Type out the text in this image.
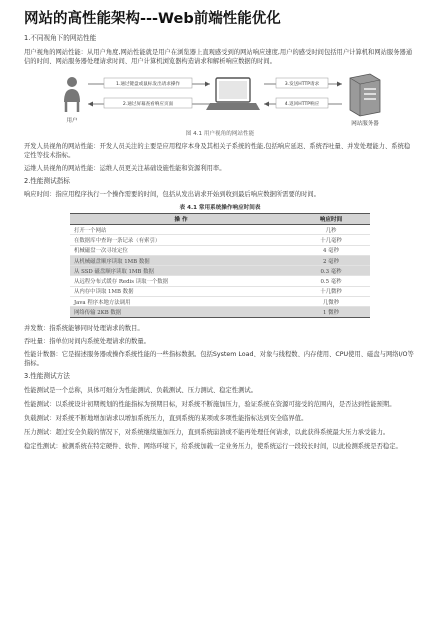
网站的高性能架构---Web前端性能优化

1.不同视角下的网站性能

用户视角的网站性能：从用户角度,网站性能就是用户在浏览器上直观感受到的网站响应速度,用户的感受时间包括用户计算机和网站服务器通信的时间、网站服务器处理请求时间、用户计算机浏览器构造请求和解析响应数据的时间。

用户
1.通过键盘或鼠标发出请求操作
2.通过屏幕查看响应页面
3.发送HTTP请求
4.返回HTTP响应
网站服务器

图 4.1 用户视角的网站性能

开发人员视角的网站性能：开发人员关注的主要是应用程序本身及其相关子系统的性能,包括响应延迟、系统吞吐量、并发处理能力、系统稳定性等技术指标。

运维人员视角的网站性能：运维人员更关注基础设施性能和资源利用率。

2.性能测试指标

响应时间：指应用程序执行一个操作需要的时间，包括从发出请求开始到收到最后响应数据所需要的时间。

表 4.1 常用系统操作响应时间表

操 作	响应时间
打开一个网站	几秒
在数据库中查询一条记录（有索引）	十几毫秒
机械磁盘一次寻址定位	4 毫秒
从机械磁盘顺序读取 1MB 数据	2 毫秒
从 SSD 磁盘顺序读取 1MB 数据	0.3 毫秒
从远程分布式缓存 Redis 读取一个数据	0.5 毫秒
从内存中读取 1MB 数据	十几微秒
Java 程序本地方法调用	几微秒
网络传输 2KB 数据	1 微秒

并发数：指系统能够同时处理请求的数目。

吞吐量：指单位时间内系统处理请求的数量。

性能计数器：它是描述服务器或操作系统性能的一些指标数据。包括System Load、对象与线程数、内存使用、CPU使用、磁盘与网络I/O等指标。

3.性能测试方法

性能测试是一个总称，具体可细分为性能测试、负载测试、压力测试、稳定性测试。

性能测试：以系统设计初期规划的性能指标为预期目标，对系统不断施加压力，验证系统在资源可接受的范围内，是否达到性能预期。

负载测试：对系统不断地增加请求以增加系统压力，直到系统的某项或多项性能指标达到安全临界值。

压力测试：超过安全负载的情况下，对系统继续施加压力，直到系统崩溃或不能再处理任何请求，以此获得系统最大压力承受能力。

稳定性测试：被测系统在特定硬件、软件、网络环境下，给系统加载一定业务压力，使系统运行一段较长时间，以此检测系统是否稳定。
